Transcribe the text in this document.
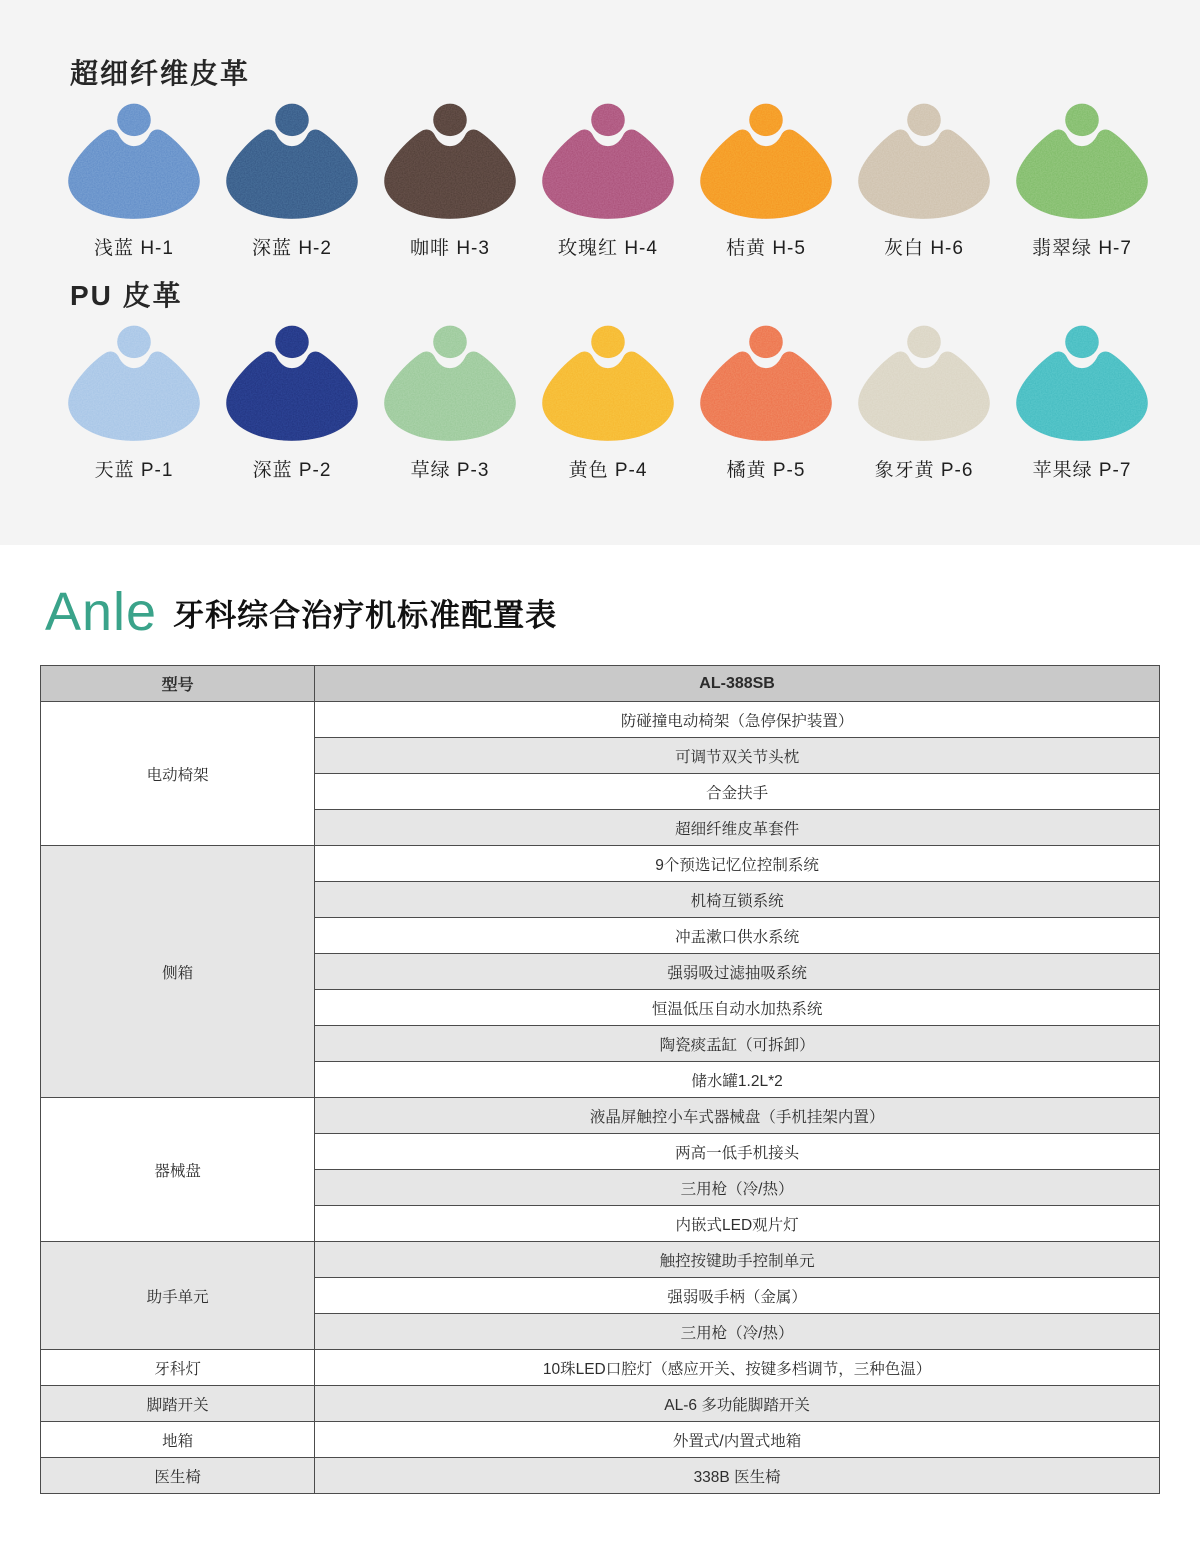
超细纤维皮革
浅蓝 H-1	深蓝 H-2	咖啡 H-3	玫瑰红 H-4	桔黄 H-5	灰白 H-6	翡翠绿 H-7
PU 皮革
天蓝 P-1	深蓝 P-2	草绿 P-3	黄色 P-4	橘黄 P-5	象牙黄 P-6	苹果绿 P-7
Anle 牙科综合治疗机标准配置表
型号	AL-388SB
电动椅架	防碰撞电动椅架（急停保护装置）
	可调节双关节头枕
	合金扶手
	超细纤维皮革套件
侧箱	9个预选记忆位控制系统
	机椅互锁系统
	冲盂漱口供水系统
	强弱吸过滤抽吸系统
	恒温低压自动水加热系统
	陶瓷痰盂缸（可拆卸）
	储水罐1.2L*2
器械盘	液晶屏触控小车式器械盘（手机挂架内置）
	两高一低手机接头
	三用枪（冷/热）
	内嵌式LED观片灯
助手单元	触控按键助手控制单元
	强弱吸手柄（金属）
	三用枪（冷/热）
牙科灯	10珠LED口腔灯（感应开关、按键多档调节，三种色温）
脚踏开关	AL-6 多功能脚踏开关
地箱	外置式/内置式地箱
医生椅	338B 医生椅
